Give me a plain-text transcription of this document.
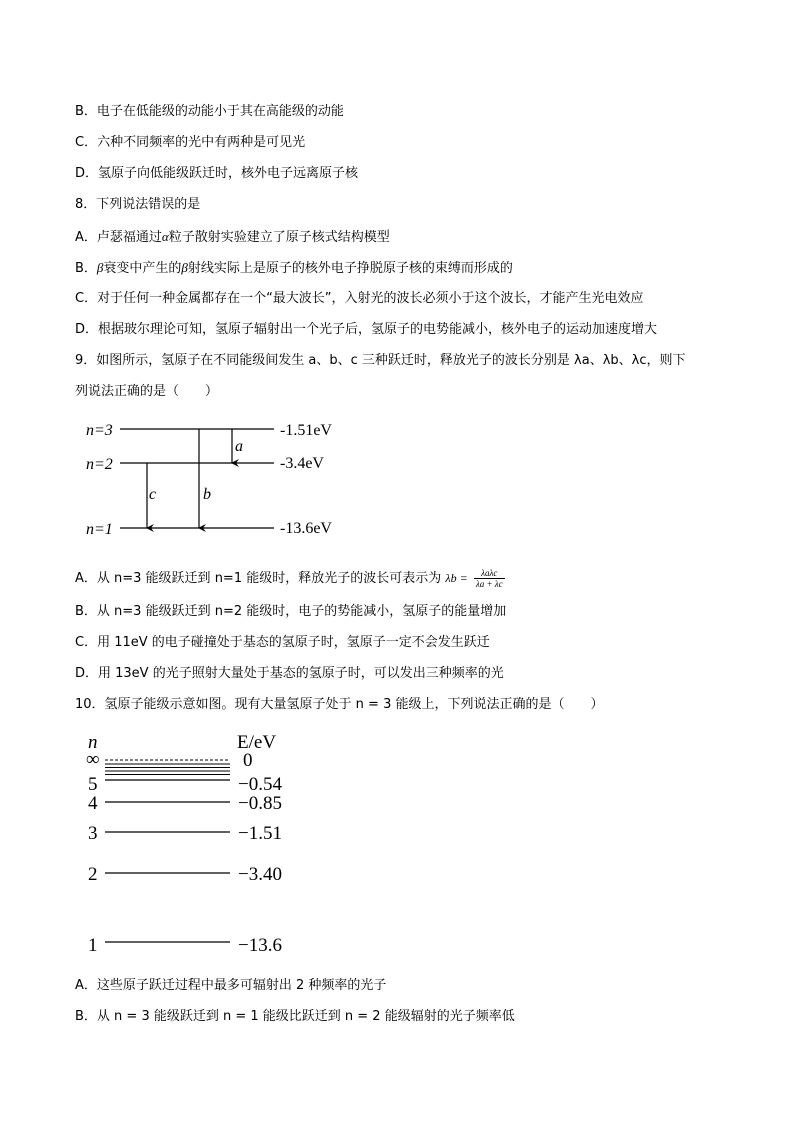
B．电子在低能级的动能小于其在高能级的动能
C．六种不同频率的光中有两种是可见光
D．氢原子向低能级跃迁时，核外电子远离原子核
8．下列说法错误的是
A．卢瑟福通过α粒子散射实验建立了原子核式结构模型
B．β衰变中产生的β射线实际上是原子的核外电子挣脱原子核的束缚而形成的
C．对于任何一种金属都存在一个“最大波长”，入射光的波长必须小于这个波长，才能产生光电效应
D．根据玻尔理论可知，氢原子辐射出一个光子后，氢原子的电势能减小，核外电子的运动加速度增大
9．如图所示，氢原子在不同能级间发生 a、b、c 三种跃迁时，释放光子的波长分别是 λa、λb、λc，则下
列说法正确的是（　　）
n=3
n=2
n=1
-1.51eV
-3.4eV
-13.6eV
a
b
c
A．从 n=3 能级跃迁到 n=1 能级时，释放光子的波长可表示为 λb =	λaλc
λa + λc
B．从 n=3 能级跃迁到 n=2 能级时，电子的势能减小，氢原子的能量增加
C．用 11eV 的电子碰撞处于基态的氢原子时，氢原子一定不会发生跃迁
D．用 13eV 的光子照射大量处于基态的氢原子时，可以发出三种频率的光
10．氢原子能级示意如图。现有大量氢原子处于 n = 3 能级上，下列说法正确的是（　　）
n	E/eV
∞	0
5	−0.54
4	−0.85
3	−1.51
2	−3.40
1	−13.6
A．这些原子跃迁过程中最多可辐射出 2 种频率的光子
B．从 n = 3 能级跃迁到 n = 1 能级比跃迁到 n = 2 能级辐射的光子频率低
